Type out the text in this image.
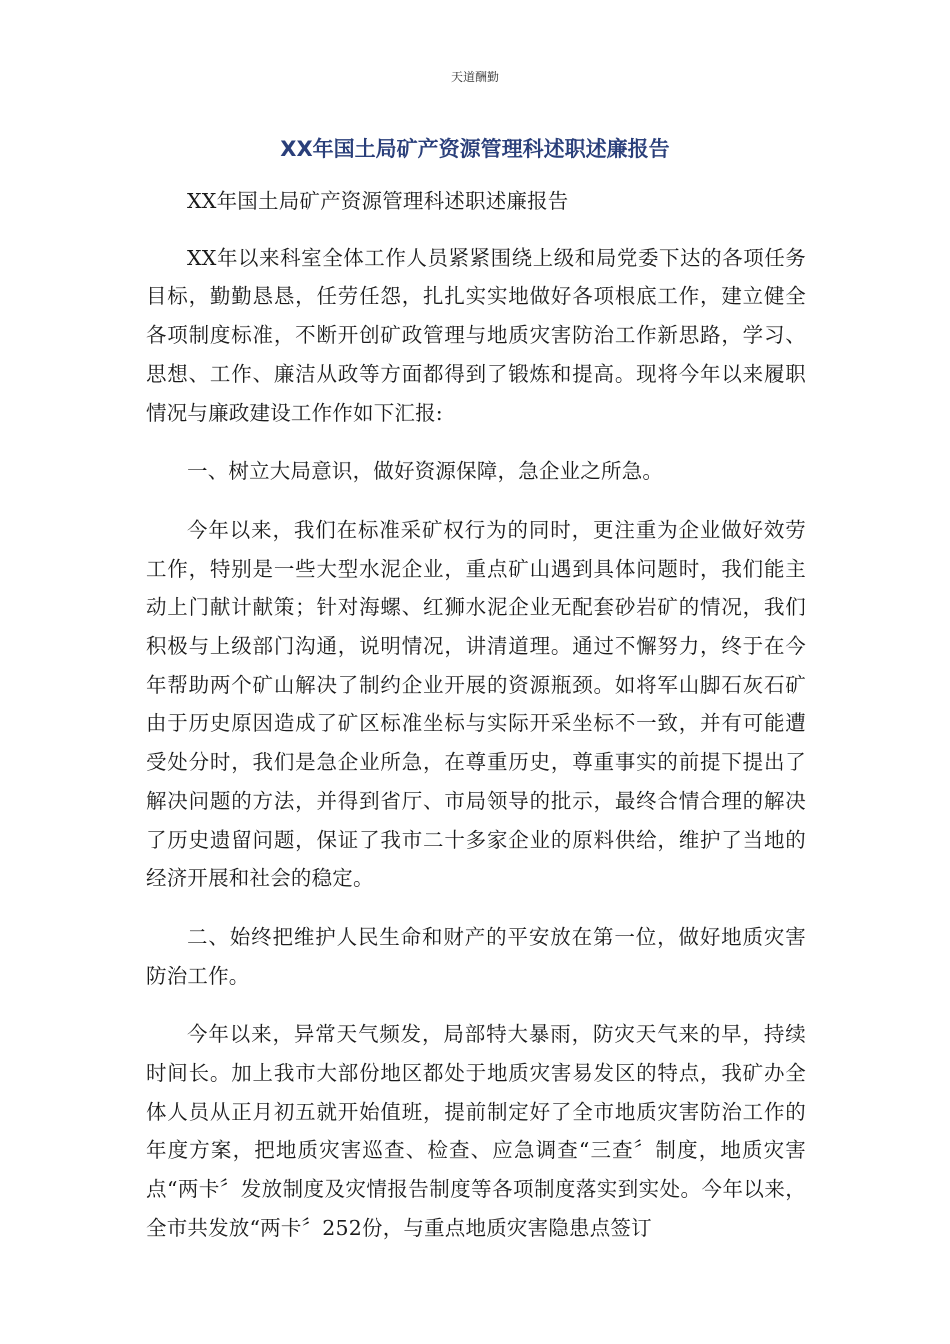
天道酬勤
XX年国土局矿产资源管理科述职述廉报告

XX年国土局矿产资源管理科述职述廉报告

XX年以来科室全体工作人员紧紧围绕上级和局党委下达的各项任务目标，勤勤恳恳，任劳任怨，扎扎实实地做好各项根底工作，建立健全各项制度标准，不断开创矿政管理与地质灾害防治工作新思路，学习、思想、工作、廉洁从政等方面都得到了锻炼和提高。现将今年以来履职情况与廉政建设工作作如下汇报:

一、树立大局意识，做好资源保障，急企业之所急。

今年以来，我们在标准采矿权行为的同时，更注重为企业做好效劳工作，特别是一些大型水泥企业，重点矿山遇到具体问题时，我们能主动上门献计献策；针对海螺、红狮水泥企业无配套砂岩矿的情况，我们积极与上级部门沟通，说明情况，讲清道理。通过不懈努力，终于在今年帮助两个矿山解决了制约企业开展的资源瓶颈。如将军山脚石灰石矿由于历史原因造成了矿区标准坐标与实际开采坐标不一致，并有可能遭受处分时，我们是急企业所急，在尊重历史，尊重事实的前提下提出了解决问题的方法，并得到省厅、市局领导的批示，最终合情合理的解决了历史遗留问题，保证了我市二十多家企业的原料供给，维护了当地的经济开展和社会的稳定。

二、始终把维护人民生命和财产的平安放在第一位，做好地质灾害防治工作。

今年以来，异常天气频发，局部特大暴雨，防灾天气来的早，持续时间长。加上我市大部份地区都处于地质灾害易发区的特点，我矿办全体人员从正月初五就开始值班，提前制定好了全市地质灾害防治工作的年度方案，把地质灾害巡查、检查、应急调查“三查〞制度，地质灾害点“两卡〞发放制度及灾情报告制度等各项制度落实到实处。今年以来，全市共发放“两卡〞252份，与重点地质灾害隐患点签订
